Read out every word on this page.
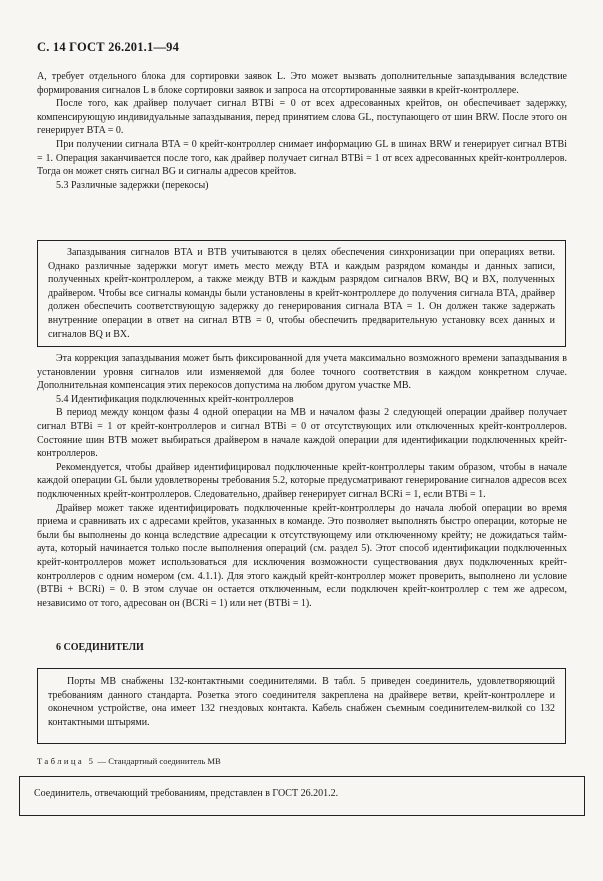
С. 14 ГОСТ 26.201.1—94

А, требует отдельного блока для сортировки заявок L. Это может вызвать дополнительные запаздывания вследствие формирования сигналов L в блоке сортировки заявок и запроса на отсортированные заявки в крейт-контроллере.

После того, как драйвер получает сигнал BTBi = 0 от всех адресованных крейтов, он обеспечивает задержку, компенсирующую индивидуальные запаздывания, перед принятием слова GL, поступающего от шин BRW. После этого он генерирует BTA = 0.

При получении сигнала BTA = 0 крейт-контроллер снимает информацию GL в шинах BRW и генерирует сигнал BTBi = 1. Операция заканчивается после того, как драйвер получает сигнал BTBi = 1 от всех адресованных крейт-контроллеров. Тогда он может снять сигнал BG и сигналы адресов крейтов.

5.3 Различные задержки (перекосы)

Запаздывания сигналов BTA и BTB учитываются в целях обеспечения синхронизации при операциях ветви. Однако различные задержки могут иметь место между BTA и каждым разрядом команды и данных записи, полученных крейт-контроллером, а также между BTB и каждым разрядом сигналов BRW, BQ и BX, полученных драйвером. Чтобы все сигналы команды были установлены в крейт-контроллере до получения сигнала BTA, драйвер должен обеспечить соответствующую задержку до генерирования сигнала BTA = 1. Он должен также задержать внутренние операции в ответ на сигнал BTB = 0, чтобы обеспечить предварительную установку всех данных и сигналов BQ и BX.

Эта коррекция запаздывания может быть фиксированной для учета максимально возможного времени запаздывания в установлении уровня сигналов или изменяемой для более точного соответствия в каждом конкретном случае. Дополнительная компенсация этих перекосов допустима на любом другом участке МВ.

5.4 Идентификация подключенных крейт-контроллеров

В период между концом фазы 4 одной операции на МВ и началом фазы 2 следующей операции драйвер получает сигнал BTBi = 1 от крейт-контроллеров и сигнал BTBi = 0 от отсутствующих или отключенных крейт-контроллеров. Состояние шин BTB может выбираться драйвером в начале каждой операции для идентификации подключенных крейт-контроллеров.

Рекомендуется, чтобы драйвер идентифицировал подключенные крейт-контроллеры таким образом, чтобы в начале каждой операции GL были удовлетворены требования 5.2, которые предусматривают генерирование сигналов адресов всех подключенных крейт-контроллеров. Следовательно, драйвер генерирует сигнал BCRi = 1, если BTBi = 1.

Драйвер может также идентифицировать подключенные крейт-контроллеры до начала любой операции во время приема и сравнивать их с адресами крейтов, указанных в команде. Это позволяет выполнять быстро операции, которые не были бы выполнены до конца вследствие адресации к отсутствующему или отключенному крейту; не дожидаться тайм-аута, который начинается только после выполнения операций (см. раздел 5). Этот способ идентификации подключенных крейт-контроллеров может использоваться для исключения возможности существования двух подключенных крейт-контроллеров с одним номером (см. 4.1.1). Для этого каждый крейт-контроллер может проверить, выполнено ли условие (BTBi + BCRi) = 0. В этом случае он остается отключенным, если подключен крейт-контроллер с тем же адресом, независимо от того, адресован он (BCRi = 1) или нет (BTBi = 1).

6 СОЕДИНИТЕЛИ

Порты МВ снабжены 132-контактными соединителями. В табл. 5 приведен соединитель, удовлетворяющий требованиям данного стандарта. Розетка этого соединителя закреплена на драйвере ветви, крейт-контроллере и оконечном устройстве, она имеет 132 гнездовых контакта. Кабель снабжен съемным соединителем-вилкой со 132 контактными штырями.

Таблица 5 — Стандартный соединитель МВ
Соединитель, отвечающий требованиям, представлен в ГОСТ 26.201.2.
